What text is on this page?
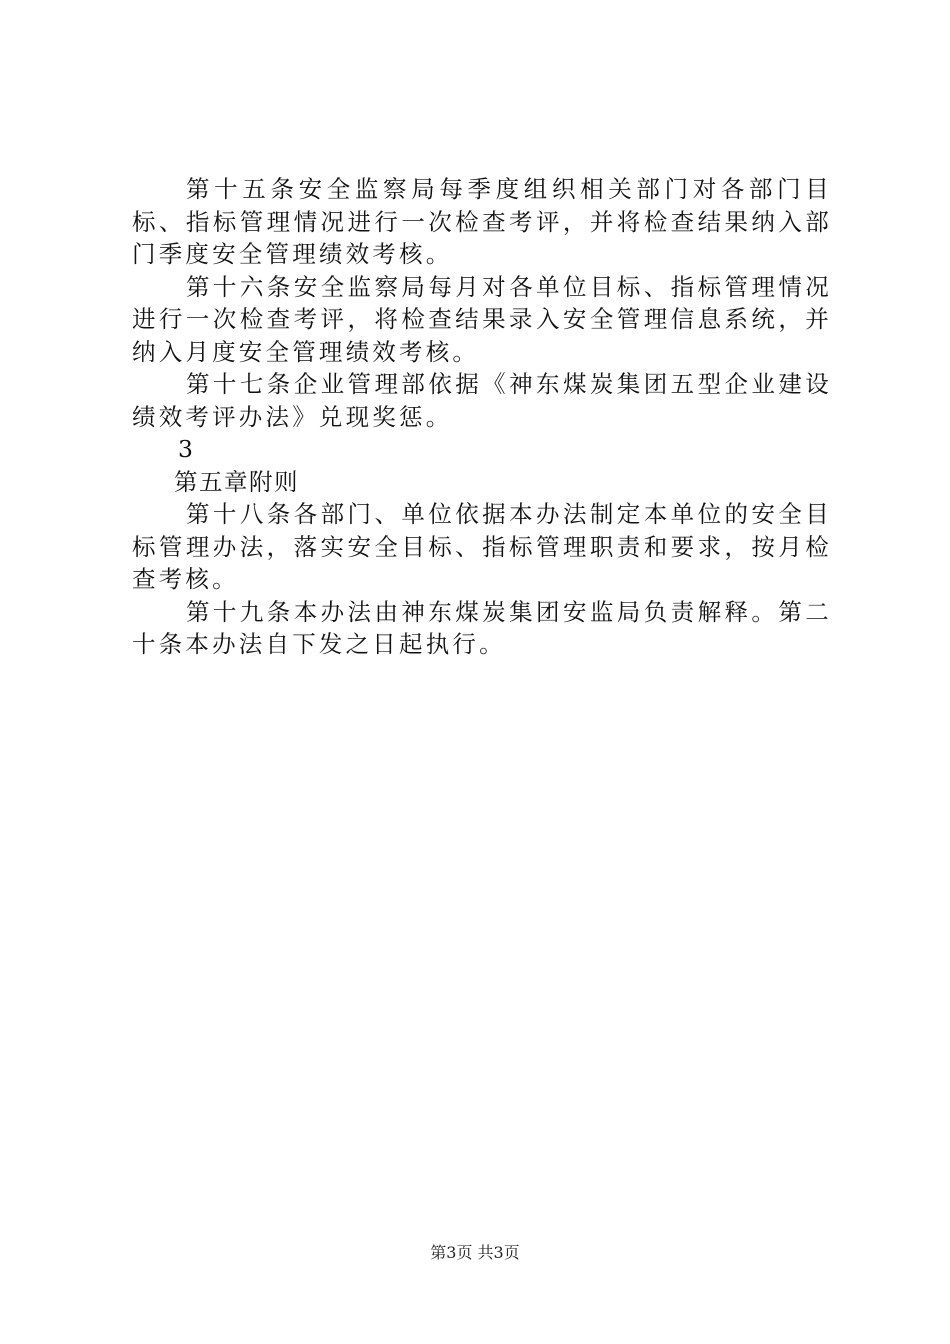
第十五条安全监察局每季度组织相关部门对各部门目标、指标管理情况进行一次检查考评，并将检查结果纳入部门季度安全管理绩效考核。

第十六条安全监察局每月对各单位目标、指标管理情况进行一次检查考评，将检查结果录入安全管理信息系统，并纳入月度安全管理绩效考核。

第十七条企业管理部依据《神东煤炭集团五型企业建设绩效考评办法》兑现奖惩。

3

第五章附则

第十八条各部门、单位依据本办法制定本单位的安全目标管理办法，落实安全目标、指标管理职责和要求，按月检查考核。

第十九条本办法由神东煤炭集团安监局负责解释。第二十条本办法自下发之日起执行。

第3页 共3页
